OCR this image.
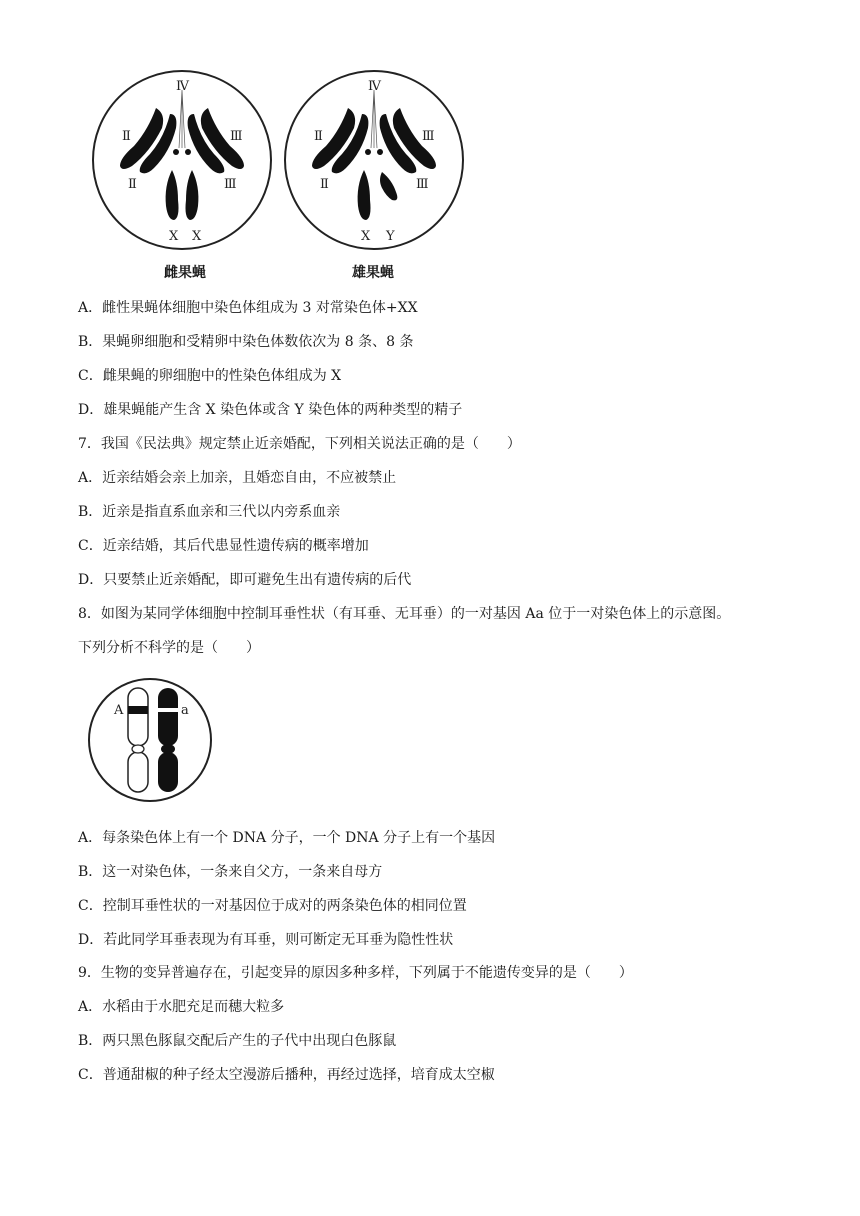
Ⅳ
Ⅱ
Ⅱ
Ⅲ
Ⅲ
X X
雌果蝇
Ⅳ
Ⅱ
Ⅱ
Ⅲ
Ⅲ
X Y
雄果蝇
A．雌性果蝇体细胞中染色体组成为 3 对常染色体+XX
B．果蝇卵细胞和受精卵中染色体数依次为 8 条、8 条
C．雌果蝇的卵细胞中的性染色体组成为 X
D．雄果蝇能产生含 X 染色体或含 Y 染色体的两种类型的精子
7．我国《民法典》规定禁止近亲婚配，下列相关说法正确的是（　　）
A．近亲结婚会亲上加亲，且婚恋自由，不应被禁止
B．近亲是指直系血亲和三代以内旁系血亲
C．近亲结婚，其后代患显性遗传病的概率增加
D．只要禁止近亲婚配，即可避免生出有遗传病的后代
8．如图为某同学体细胞中控制耳垂性状（有耳垂、无耳垂）的一对基因 Aa 位于一对染色体上的示意图。
下列分析不科学的是（　　）
A	a
A．每条染色体上有一个 DNA 分子，一个 DNA 分子上有一个基因
B．这一对染色体，一条来自父方，一条来自母方
C．控制耳垂性状的一对基因位于成对的两条染色体的相同位置
D．若此同学耳垂表现为有耳垂，则可断定无耳垂为隐性性状
9．生物的变异普遍存在，引起变异的原因多种多样，下列属于不能遗传变异的是（　　）
A．水稻由于水肥充足而穗大粒多
B．两只黑色豚鼠交配后产生的子代中出现白色豚鼠
C．普通甜椒的种子经太空漫游后播种，再经过选择，培育成太空椒
